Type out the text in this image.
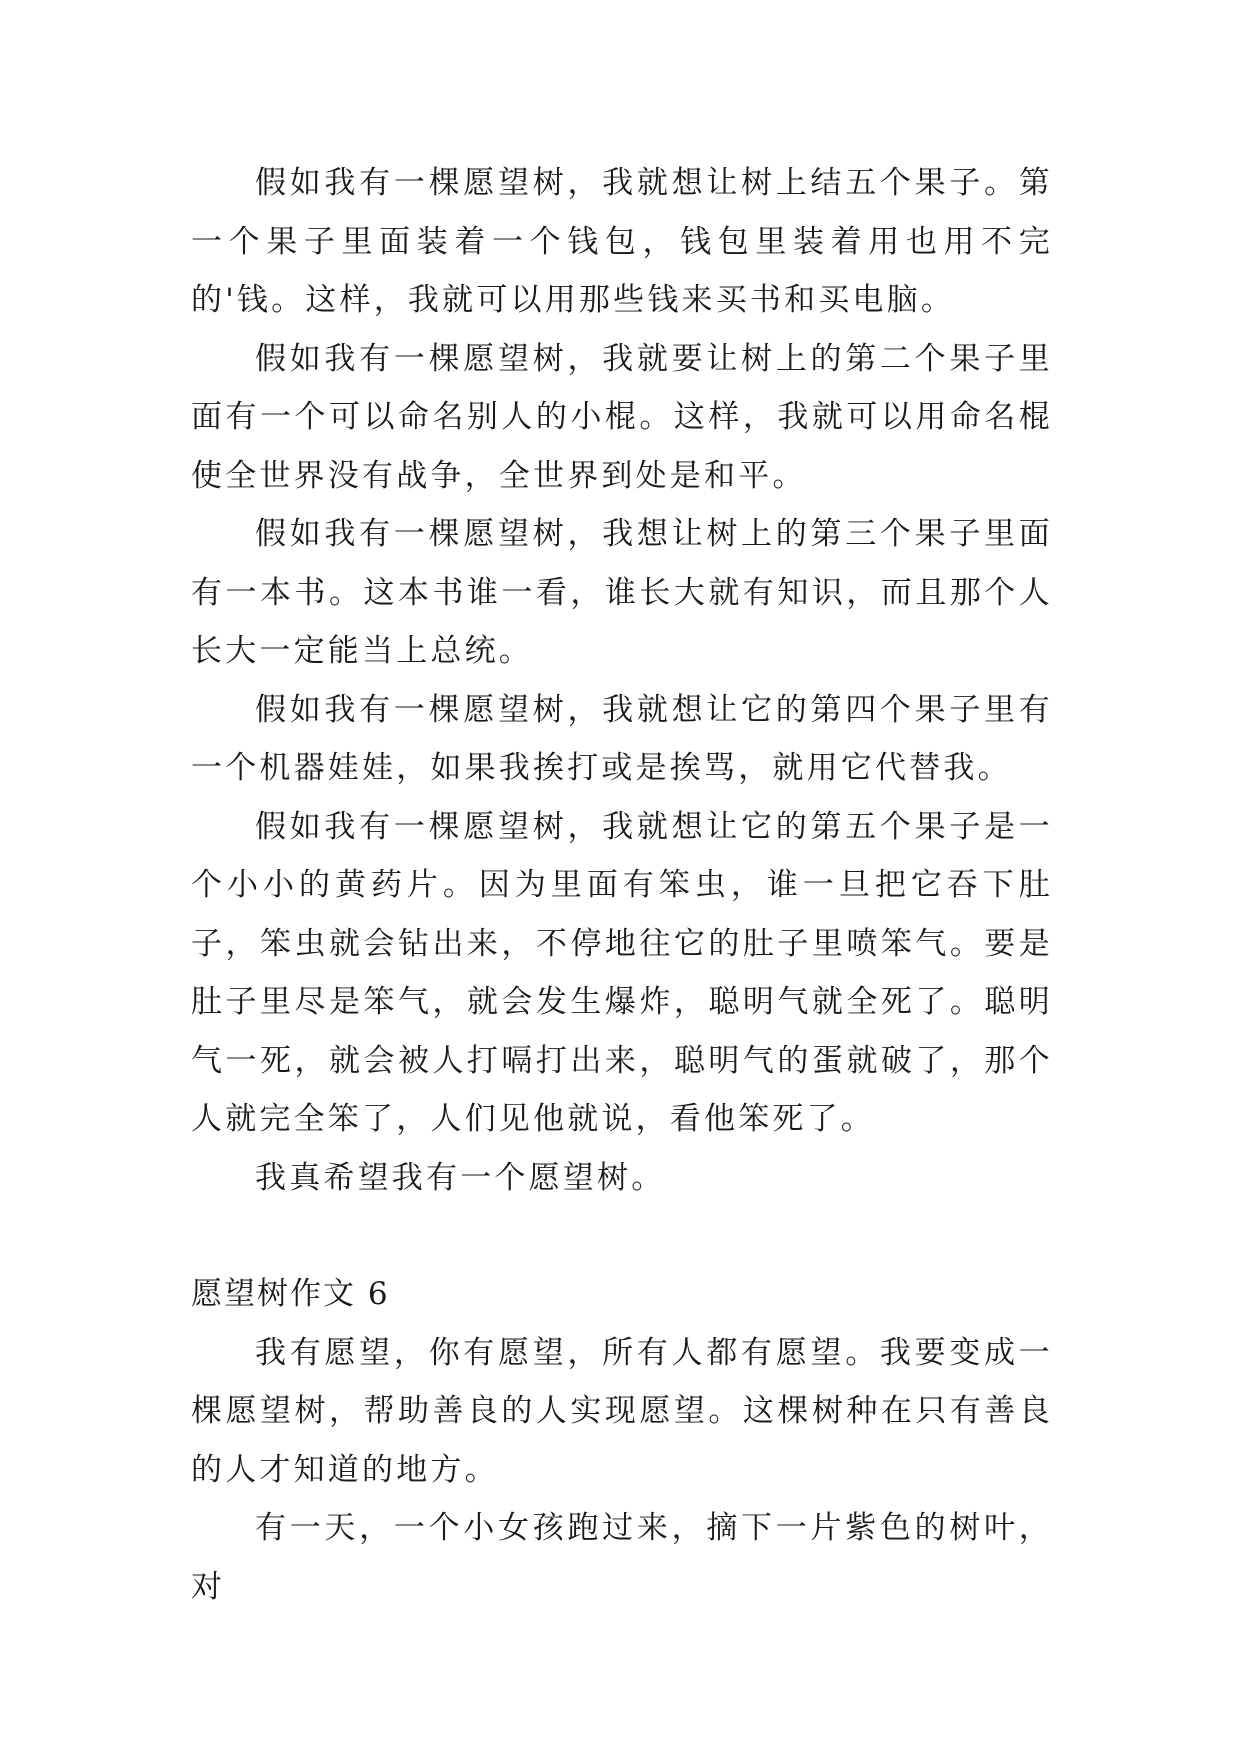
假如我有一棵愿望树，我就想让树上结五个果子。第一个果子里面装着一个钱包，钱包里装着用也用不完的'钱。这样，我就可以用那些钱来买书和买电脑。

假如我有一棵愿望树，我就要让树上的第二个果子里面有一个可以命名别人的小棍。这样，我就可以用命名棍使全世界没有战争，全世界到处是和平。

假如我有一棵愿望树，我想让树上的第三个果子里面有一本书。这本书谁一看，谁长大就有知识，而且那个人长大一定能当上总统。

假如我有一棵愿望树，我就想让它的第四个果子里有一个机器娃娃，如果我挨打或是挨骂，就用它代替我。

假如我有一棵愿望树，我就想让它的第五个果子是一个小小的黄药片。因为里面有笨虫，谁一旦把它吞下肚子，笨虫就会钻出来，不停地往它的肚子里喷笨气。要是肚子里尽是笨气，就会发生爆炸，聪明气就全死了。聪明气一死，就会被人打嗝打出来，聪明气的蛋就破了，那个人就完全笨了，人们见他就说，看他笨死了。

我真希望我有一个愿望树。

愿望树作文 6

我有愿望，你有愿望，所有人都有愿望。我要变成一棵愿望树，帮助善良的人实现愿望。这棵树种在只有善良的人才知道的地方。

有一天，一个小女孩跑过来，摘下一片紫色的树叶，对
